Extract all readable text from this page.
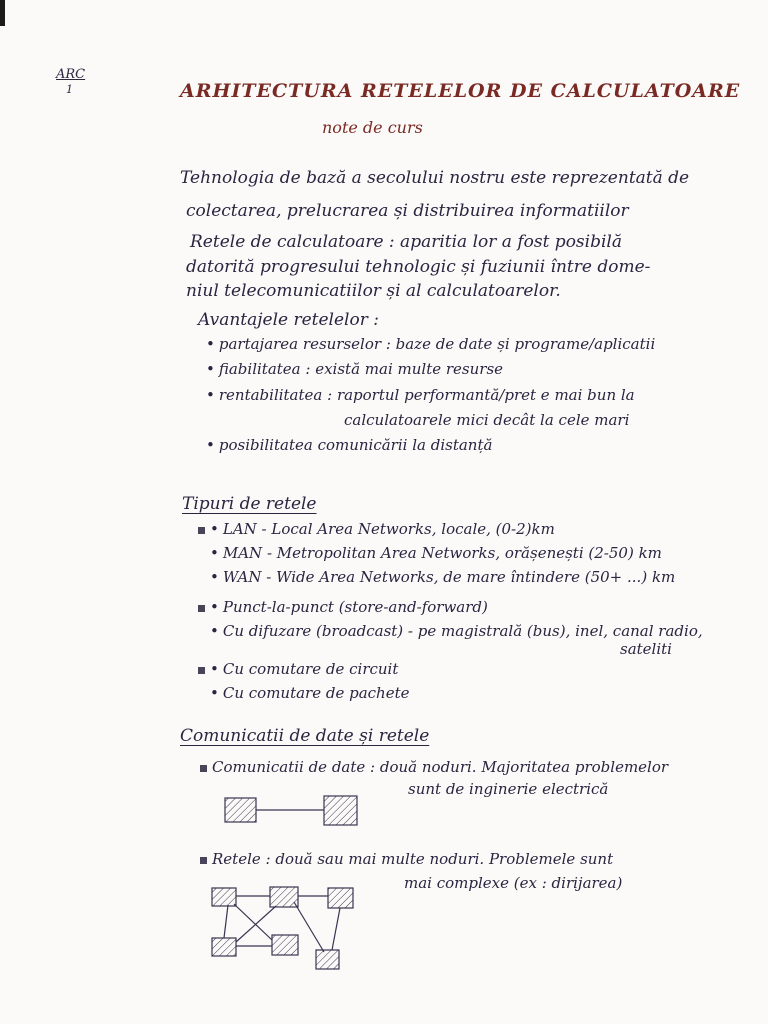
ARC
1	ARHITECTURA RETELELOR DE CALCULATOARE
note de curs
Tehnologia de bază a secolului nostru este reprezentată de
colectarea, prelucrarea și distribuirea informatiilor
Retele de calculatoare : aparitia lor a fost posibilă
datorită progresului tehnologic și fuziunii între dome-
niul telecomunicatiilor și al calculatoarelor.
Avantajele retelelor :
• partajarea resurselor : baze de date și programe/aplicatii
• fiabilitatea : există mai multe resurse
• rentabilitatea : raportul performantă/pret e mai bun la
calculatoarele mici decât la cele mari
• posibilitatea comunicării la distanță
Tipuri de retele
• LAN - Local Area Networks, locale, (0-2)km
• MAN - Metropolitan Area Networks, orășenești (2-50) km
• WAN - Wide Area Networks, de mare întindere (50+ ...) km
• Punct-la-punct (store-and-forward)
• Cu difuzare (broadcast) - pe magistrală (bus), inel, canal radio,
sateliti
• Cu comutare de circuit
• Cu comutare de pachete
Comunicatii de date și retele
Comunicatii de date : două noduri. Majoritatea problemelor
sunt de inginerie electrică
Retele : două sau mai multe noduri. Problemele sunt
mai complexe (ex : dirijarea)
